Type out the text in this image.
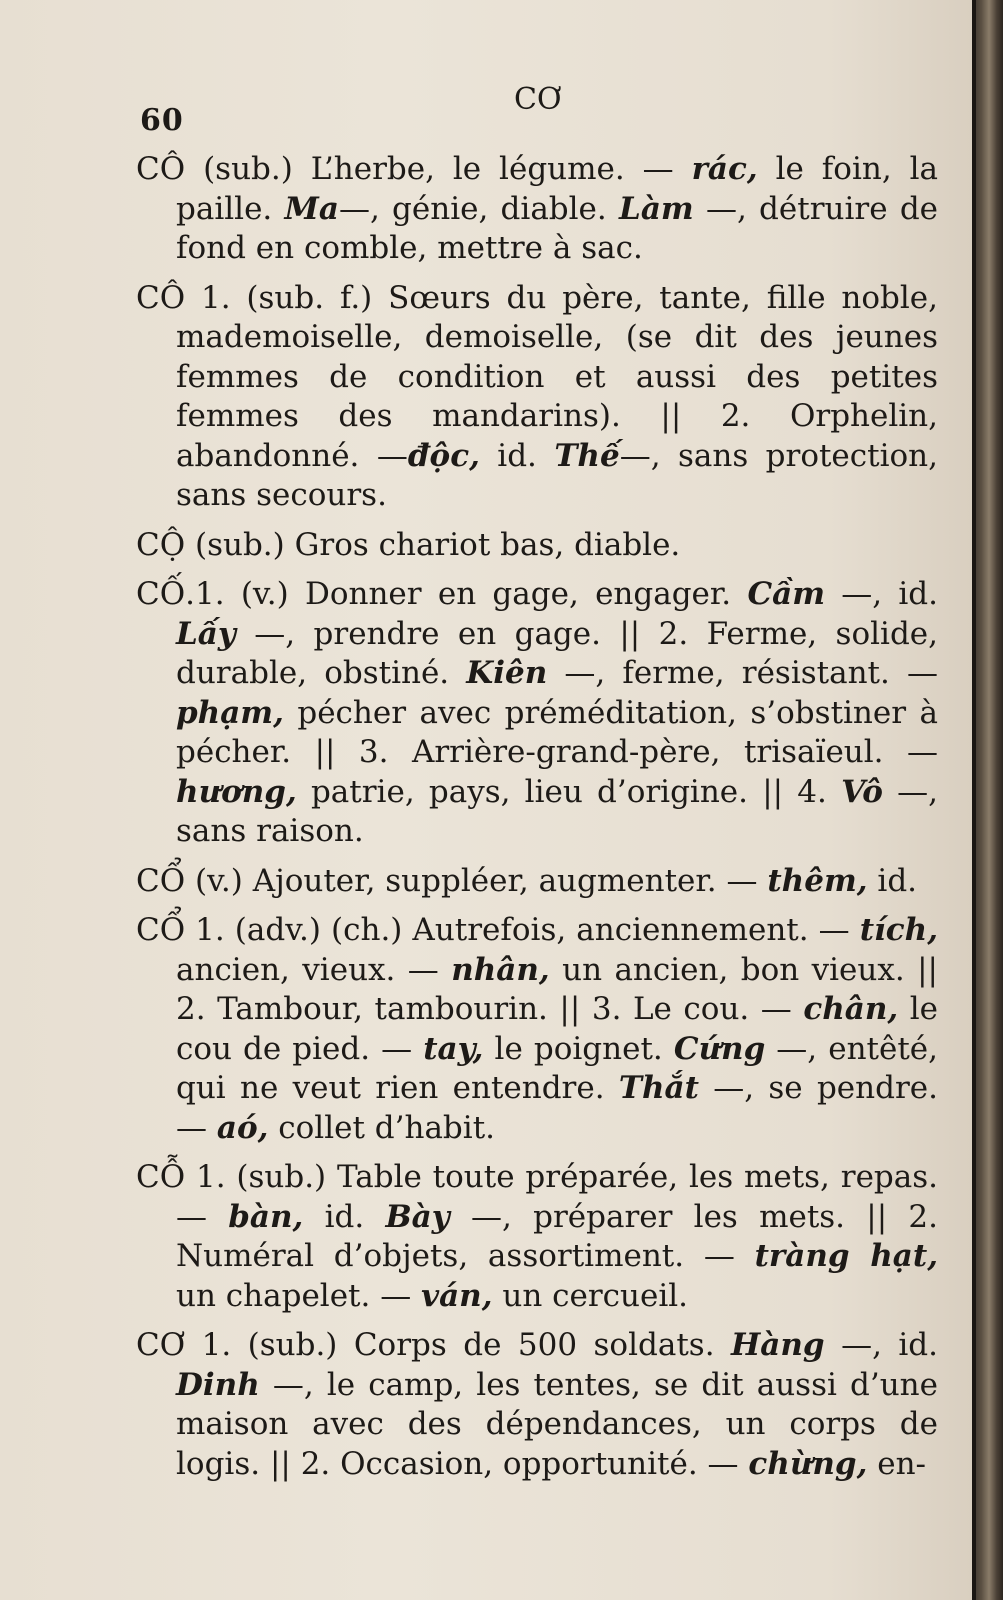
60
CƠ

CÔ (sub.) L’herbe, le légume. — rác, le foin, la paille. Ma—, génie, diable. Làm —, détruire de fond en comble, mettre à sac.

CÔ 1. (sub. f.) Sœurs du père, tante, fille noble, mademoiselle, demoiselle, (se dit des jeunes femmes de condition et aussi des petites femmes des mandarins). || 2. Orphelin, abandonné. —độc, id. Thế—, sans protection, sans secours.

CỘ (sub.) Gros chariot bas, diable.

CỐ.1. (v.) Donner en gage, engager. Cầm —, id. Lấy —, prendre en gage. || 2. Ferme, solide, durable, obstiné. Kiên —, ferme, résistant. — phạm, pécher avec préméditation, s’obstiner à pécher. || 3. Arrière-grand-père, trisaïeul. — hương, patrie, pays, lieu d’origine. || 4. Vô —, sans raison.

CỔ (v.) Ajouter, suppléer, augmenter. — thêm, id.

CỔ 1. (adv.) (ch.) Autrefois, anciennement. — tích, ancien, vieux. — nhân, un ancien, bon vieux. || 2. Tambour, tambourin. || 3. Le cou. — chân, le cou de pied. — tay, le poignet. Cứng —, entêté, qui ne veut rien entendre. Thắt —, se pendre. — aó, collet d’habit.

CỖ 1. (sub.) Table toute préparée, les mets, repas. — bàn, id. Bày —, préparer les mets. || 2. Numéral d’objets, assortiment. — tràng hạt, un chapelet. — ván, un cercueil.

CƠ 1. (sub.) Corps de 500 soldats. Hàng —, id. Dinh —, le camp, les tentes, se dit aussi d’une maison avec des dépendances, un corps de logis. || 2. Occasion, opportunité. — chừng, en-
